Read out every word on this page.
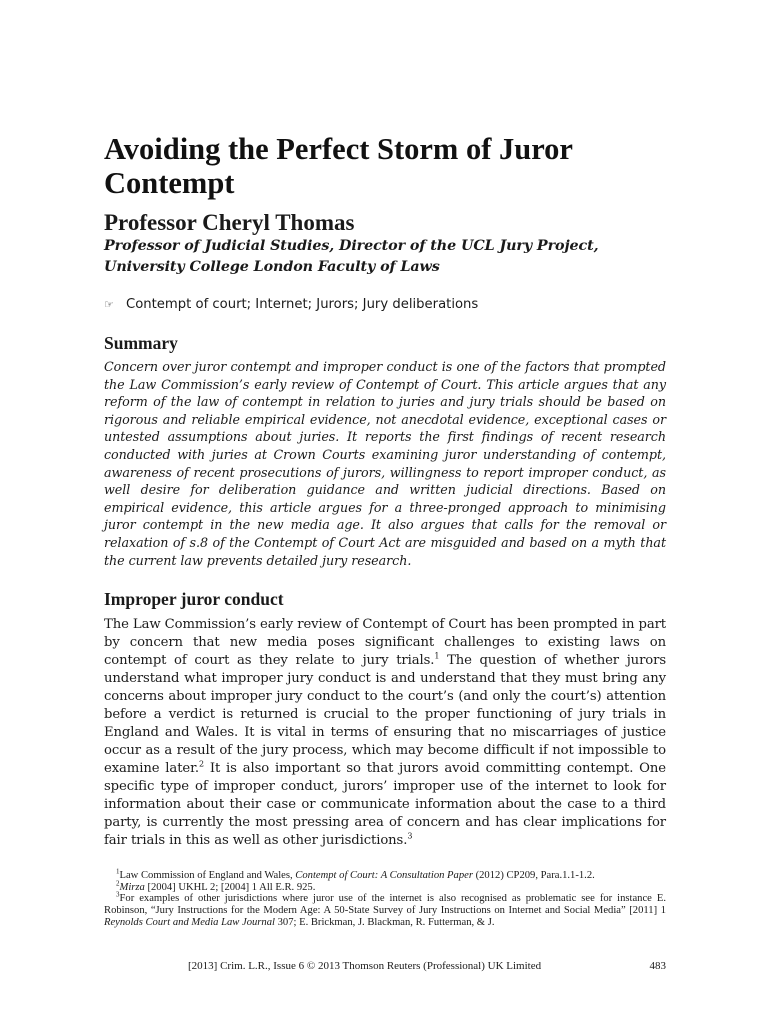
Avoiding the Perfect Storm of Juror Contempt
Professor Cheryl Thomas
Professor of Judicial Studies, Director of the UCL Jury Project, University College London Faculty of Laws
☞ Contempt of court; Internet; Jurors; Jury deliberations
Summary

Concern over juror contempt and improper conduct is one of the factors that prompted the Law Commission’s early review of Contempt of Court. This article argues that any reform of the law of contempt in relation to juries and jury trials should be based on rigorous and reliable empirical evidence, not anecdotal evidence, exceptional cases or untested assumptions about juries. It reports the first findings of recent research conducted with juries at Crown Courts examining juror understanding of contempt, awareness of recent prosecutions of jurors, willingness to report improper conduct, as well desire for deliberation guidance and written judicial directions. Based on empirical evidence, this article argues for a three-pronged approach to minimising juror contempt in the new media age. It also argues that calls for the removal or relaxation of s.8 of the Contempt of Court Act are misguided and based on a myth that the current law prevents detailed jury research.

Improper juror conduct

The Law Commission’s early review of Contempt of Court has been prompted in part by concern that new media poses significant challenges to existing laws on contempt of court as they relate to jury trials.$^1$ The question of whether jurors understand what improper jury conduct is and understand that they must bring any concerns about improper jury conduct to the court’s (and only the court’s) attention before a verdict is returned is crucial to the proper functioning of jury trials in England and Wales. It is vital in terms of ensuring that no miscarriages of justice occur as a result of the jury process, which may become difficult if not impossible to examine later.$^2$ It is also important so that jurors avoid committing contempt. One specific type of improper conduct, jurors’ improper use of the internet to look for information about their case or communicate information about the case to a third party, is currently the most pressing area of concern and has clear implications for fair trials in this as well as other jurisdictions.$^3$

$^1$Law Commission of England and Wales, Contempt of Court: A Consultation Paper (2012) CP209, Para.1.1-1.2.

$^2$Mirza [2004] UKHL 2; [2004] 1 All E.R. 925.

$^3$For examples of other jurisdictions where juror use of the internet is also recognised as problematic see for instance E. Robinson, “Jury Instructions for the Modern Age: A 50-State Survey of Jury Instructions on Internet and Social Media” [2011] 1 Reynolds Court and Media Law Journal 307; E. Brickman, J. Blackman, R. Futterman, & J.

[2013] Crim. L.R., Issue 6 © 2013 Thomson Reuters (Professional) UK Limited	483
